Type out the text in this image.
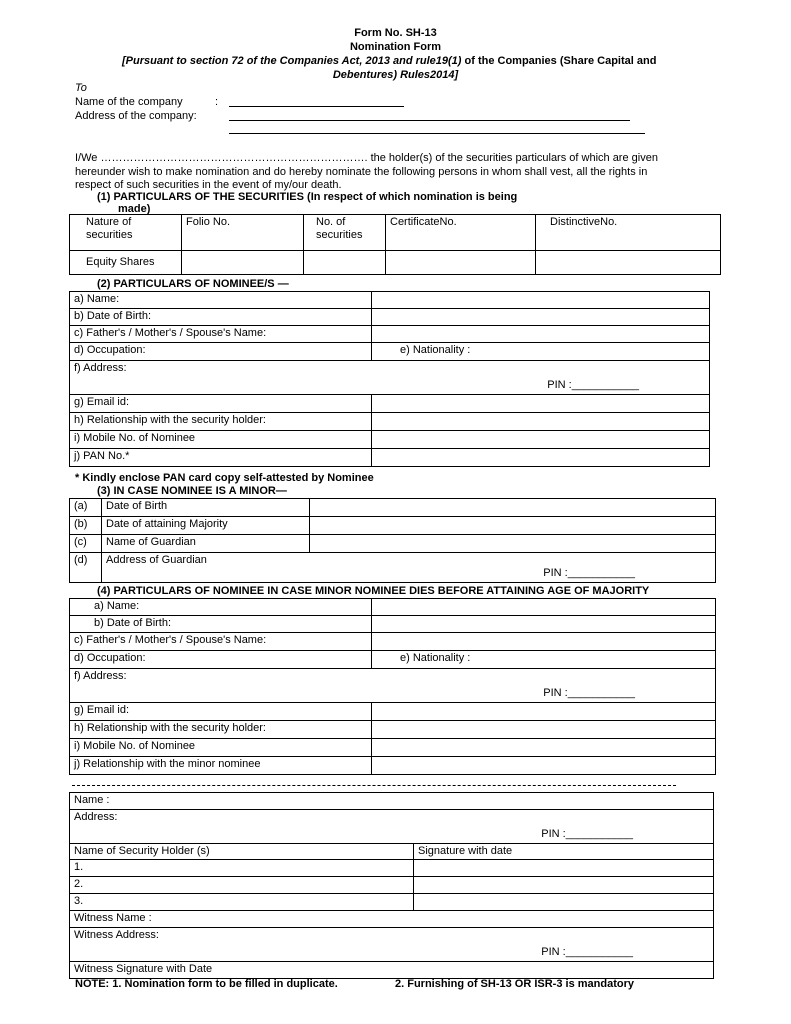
Form No. SH-13
Nomination Form
[Pursuant to section 72 of the Companies Act, 2013 and rule19(1) of the Companies (Share Capital and
Debentures) Rules2014]
To
Name of the company	:
Address of the company:
I/We ………………………………………………………………. the holder(s) of the securities particulars of which are given
hereunder wish to make nomination and do hereby nominate the following persons in whom shall vest, all the rights in
respect of such securities in the event of my/our death.
(1) PARTICULARS OF THE SECURITIES (In respect of which nomination is being
made)
Nature of securities	Folio No.	No. of securities	CertificateNo.	DistinctiveNo.
Equity Shares				
(2) PARTICULARS OF NOMINEE/S —
a) Name:	
b) Date of Birth:	
c) Father's / Mother's / Spouse's Name:	
d) Occupation:	e) Nationality :
f) Address:
PIN :___________	

g) Email id:	
h) Relationship with the security holder:	
i) Mobile No. of Nominee	
j) PAN No.*	
* Kindly enclose PAN card copy self-attested by Nominee
(3) IN CASE NOMINEE IS A MINOR—
(a)	Date of Birth	
(b)	Date of attaining Majority	
(c)	Name of Guardian	
(d)	Address of Guardian
PIN :___________	
(4) PARTICULARS OF NOMINEE IN CASE MINOR NOMINEE DIES BEFORE ATTAINING AGE OF MAJORITY
a) Name:	
b) Date of Birth:	
c) Father's / Mother's / Spouse's Name:	
d) Occupation:	e) Nationality :
f) Address:
PIN :___________	

g) Email id:	
h) Relationship with the security holder:	
i) Mobile No. of Nominee	
j) Relationship with the minor nominee	
Name :	
Address:
PIN :___________	

Name of Security Holder (s)	Signature with date
1.	
2.	
3.	
Witness Name :	
Witness Address:
PIN :___________	

Witness Signature with Date	
NOTE: 1. Nomination form to be filled in duplicate.	2. Furnishing of SH-13 OR ISR-3 is mandatory
